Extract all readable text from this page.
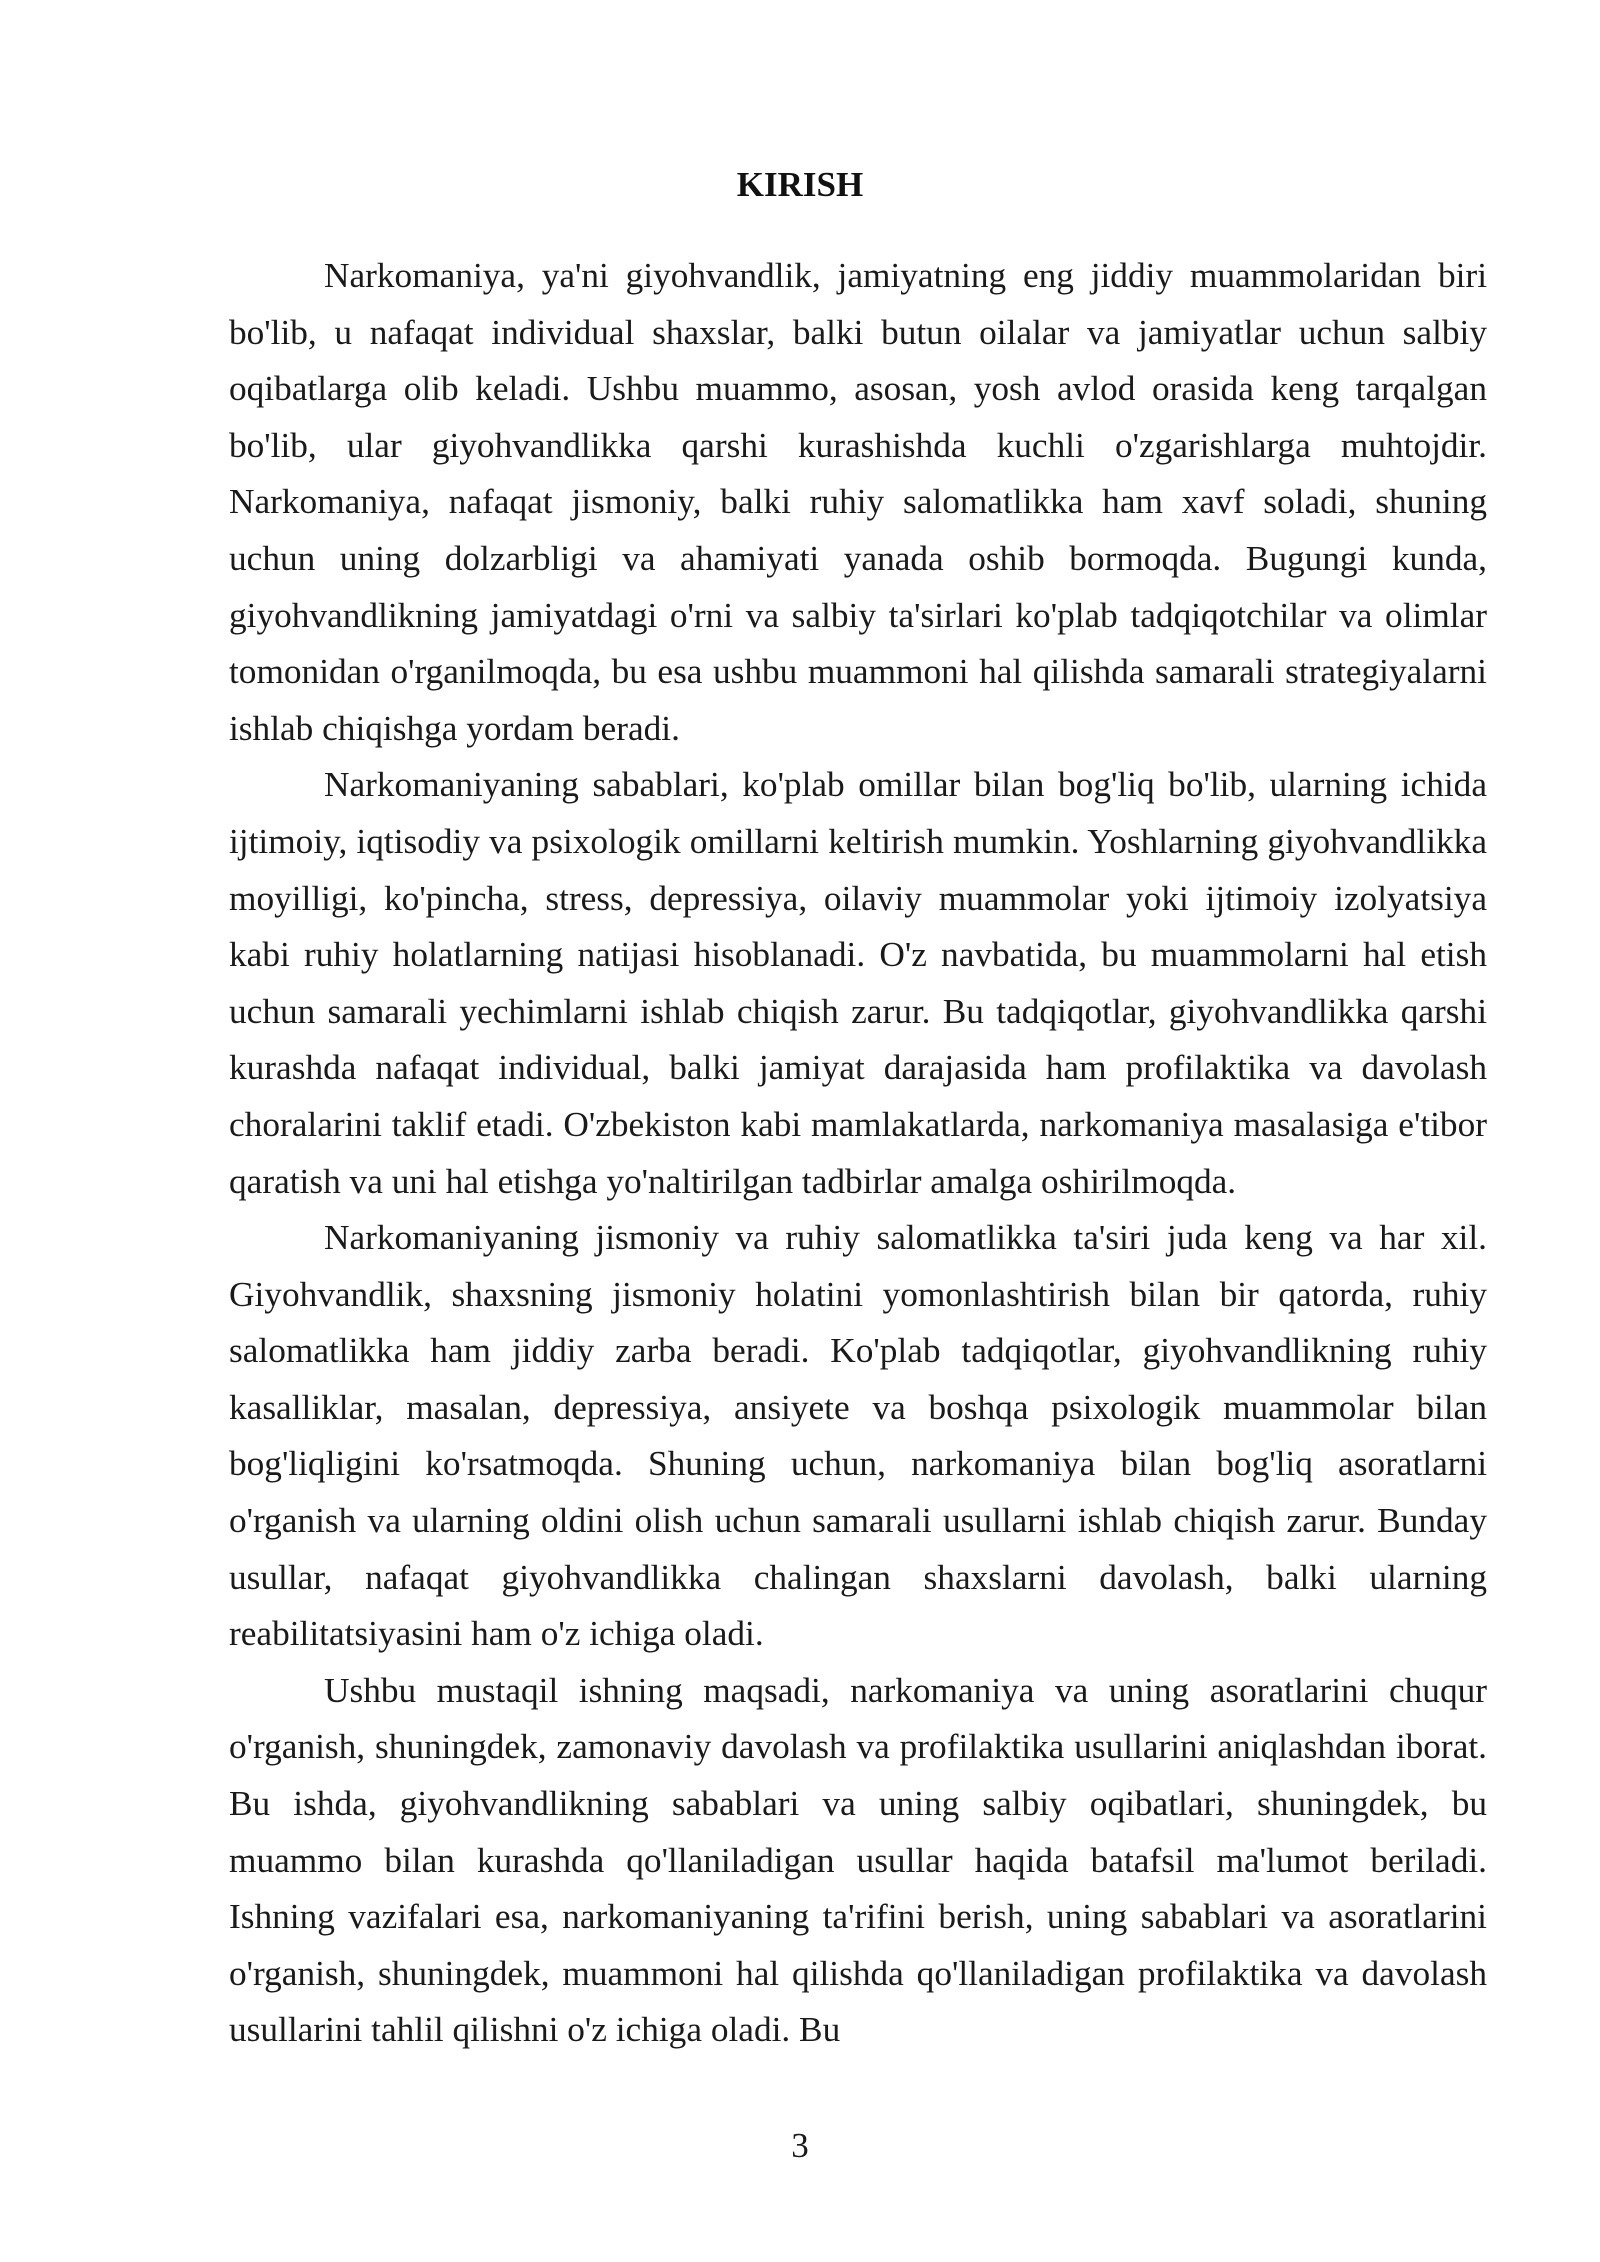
KIRISH

Narkomaniya, ya'ni giyohvandlik, jamiyatning eng jiddiy muammolaridan biri bo'lib, u nafaqat individual shaxslar, balki butun oilalar va jamiyatlar uchun salbiy oqibatlarga olib keladi. Ushbu muammo, asosan, yosh avlod orasida keng tarqalgan bo'lib, ular giyohvandlikka qarshi kurashishda kuchli o'zgarishlarga muhtojdir. Narkomaniya, nafaqat jismoniy, balki ruhiy salomatlikka ham xavf soladi, shuning uchun uning dolzarbligi va ahamiyati yanada oshib bormoqda. Bugungi kunda, giyohvandlikning jamiyatdagi o'rni va salbiy ta'sirlari ko'plab tadqiqotchilar va olimlar tomonidan o'rganilmoqda, bu esa ushbu muammoni hal qilishda samarali strategiyalarni ishlab chiqishga yordam beradi.

Narkomaniyaning sabablari, ko'plab omillar bilan bog'liq bo'lib, ularning ichida ijtimoiy, iqtisodiy va psixologik omillarni keltirish mumkin. Yoshlarning giyohvandlikka moyilligi, ko'pincha, stress, depressiya, oilaviy muammolar yoki ijtimoiy izolyatsiya kabi ruhiy holatlarning natijasi hisoblanadi. O'z navbatida, bu muammolarni hal etish uchun samarali yechimlarni ishlab chiqish zarur. Bu tadqiqotlar, giyohvandlikka qarshi kurashda nafaqat individual, balki jamiyat darajasida ham profilaktika va davolash choralarini taklif etadi. O'zbekiston kabi mamlakatlarda, narkomaniya masalasiga e'tibor qaratish va uni hal etishga yo'naltirilgan tadbirlar amalga oshirilmoqda.

Narkomaniyaning jismoniy va ruhiy salomatlikka ta'siri juda keng va har xil. Giyohvandlik, shaxsning jismoniy holatini yomonlashtirish bilan bir qatorda, ruhiy salomatlikka ham jiddiy zarba beradi. Ko'plab tadqiqotlar, giyohvandlikning ruhiy kasalliklar, masalan, depressiya, ansiyete va boshqa psixologik muammolar bilan bog'liqligini ko'rsatmoqda. Shuning uchun, narkomaniya bilan bog'liq asoratlarni o'rganish va ularning oldini olish uchun samarali usullarni ishlab chiqish zarur. Bunday usullar, nafaqat giyohvandlikka chalingan shaxslarni davolash, balki ularning reabilitatsiyasini ham o'z ichiga oladi.

Ushbu mustaqil ishning maqsadi, narkomaniya va uning asoratlarini chuqur o'rganish, shuningdek, zamonaviy davolash va profilaktika usullarini aniqlashdan iborat. Bu ishda, giyohvandlikning sabablari va uning salbiy oqibatlari, shuningdek, bu muammo bilan kurashda qo'llaniladigan usullar haqida batafsil ma'lumot beriladi. Ishning vazifalari esa, narkomaniyaning ta'rifini berish, uning sabablari va asoratlarini o'rganish, shuningdek, muammoni hal qilishda qo'llaniladigan profilaktika va davolash usullarini tahlil qilishni o'z ichiga oladi. Bu

3
